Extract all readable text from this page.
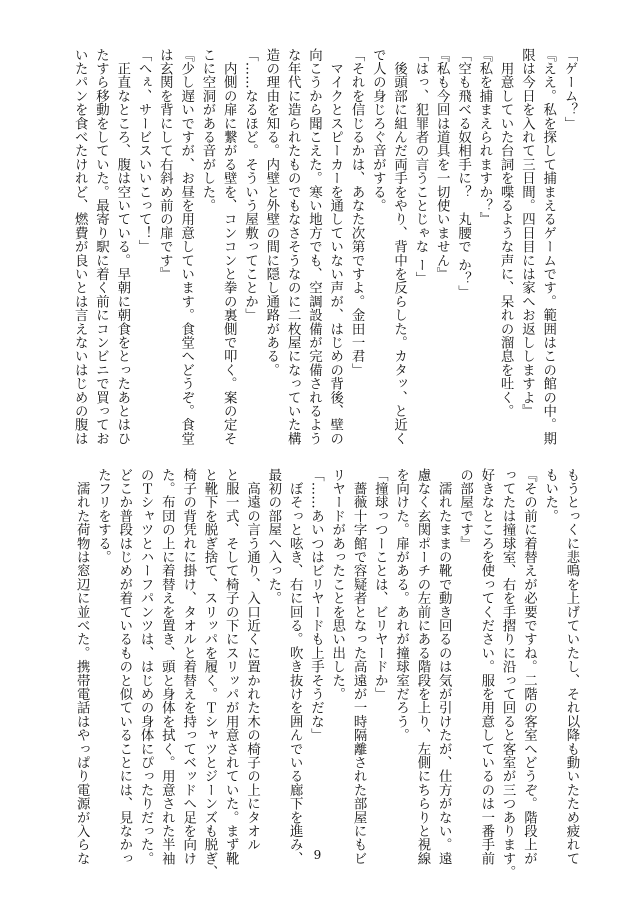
「ゲーム？」
『ええ。私を探して捕まえるゲームです。範囲はこの館の中。期
限は今日を入れて三日間。四日目には家へお返ししますよ』
　用意していた台詞を喋るような声に、呆れの溜息を吐く。
『私を捕まえられますか？』
「空も飛べる奴相手に？　丸腰で か？」
『私も今回は道具を一切使いません』
「はっ、犯罪者の言うことじゃな ー」
　後頭部に組んだ両手をやり、背中を反らした。カタッ、と近く
で人の身じろぐ音がする。
「それを信じるかは、あなた次第ですよ。金田一君」
　マイクとスピーカーを通していない声が、はじめの背後、壁の
向こうから聞こえた。寒い地方でも、空調設備が完備されるよう
な年代に造られたものでもなさそうなのに二枚屋になっていた構
造の理由を知る。内壁と外壁の間に隠し通路がある。
「……なるほど。そういう屋敷ってことか」
　内側の扉に繋がる壁を、コンコンと拳の裏側で叩く。案の定そ
こに空洞がある音がした。
『少し遅いですが、お昼を用意しています。食堂へどうぞ。食堂
は玄関を背にして右斜め前の扉です』
「へぇ、サービスいいこって！」
　正直なところ、腹は空いている。早朝に朝食をとったあとはひ
たすら移動をしていた。最寄り駅に着く前にコンビニで買ってお
いたパンを食べたけれど、燃費が良いとは言えないはじめの腹は
もうとっくに悲鳴を上げていたし、それ以降も動いたため疲れて
もいた。
『その前に着替えが必要ですね。二階の客室へどうぞ。階段上が
ってたは撞球室、右を手摺りに沿って回ると客室が三つあります。
好きなところを使ってください。服を用意しているのは一番手前
の部屋です』
　濡れたままの靴で動き回るのは気が引けたが、仕方がない。遠
慮なく玄関ポーチの左前にある階段を上り、左側にちらりと視線
を向けた。扉がある。あれが撞球室だろう。
「撞球っつーことは、ビリヤードか」
　薔薇十字館で容疑者となった高遠が一時隔離された部屋にもビ
リヤードがあったことを思い出した。
「……あいつはビリヤードも上手そうだな」
　ぼそっと呟き、右に回る。吹き抜けを囲んでいる廊下を進み、
最初の部屋へ入った。
　高遠の言う通り、入口近くに置かれた木の椅子の上にタオル
と服一式、そして椅子の下にスリッパが用意されていた。まず靴
と靴下を脱ぎ捨て、スリッパを履く。Ｔシャツとジーンズも脱ぎ、
椅子の背凭れに掛け、タオルと着替えを持ってベッドへ足を向け
た。布団の上に着替えを置き、頭と身体を拭く。用意された半袖
のＴシャツとハーフパンツは、はじめの身体にぴったりだった。
どこか普段はじめが着ているものと似ていることには、見なかっ
たフリをする。
　濡れた荷物は窓辺に並べた。携帯電話はやっぱり電源が入らな	9
